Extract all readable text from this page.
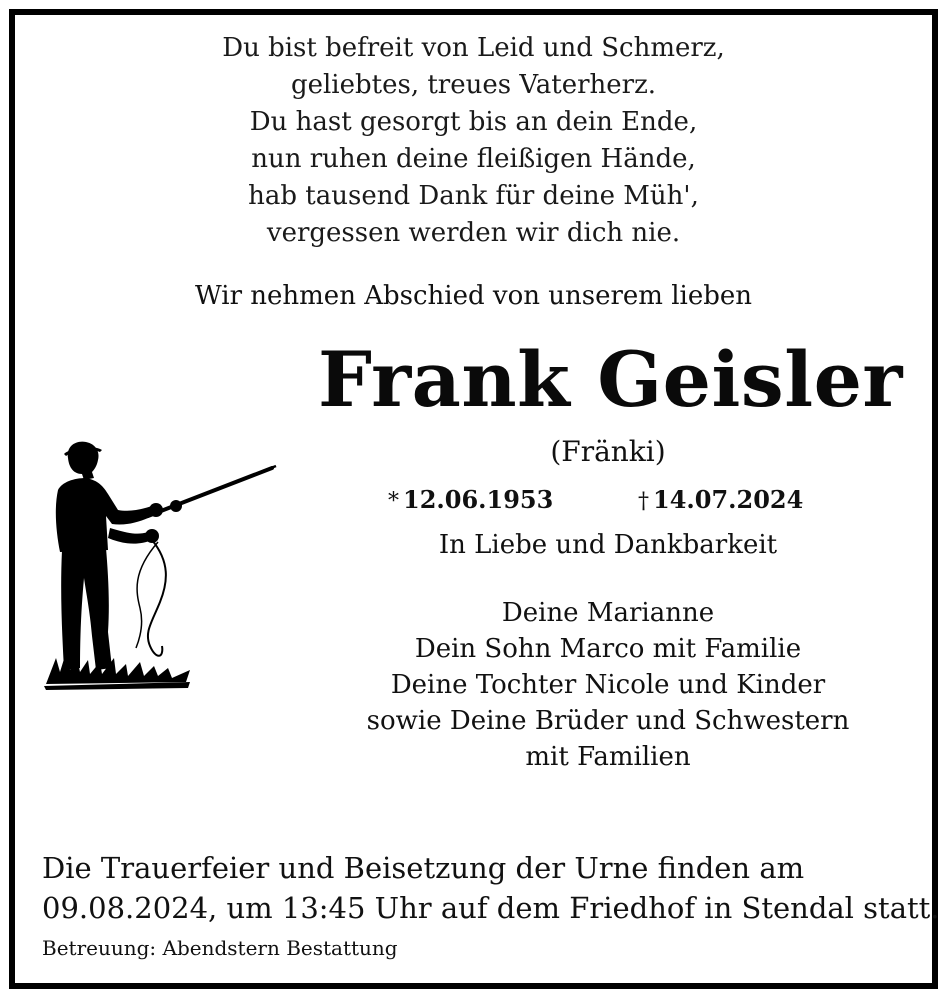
Du bist befreit von Leid und Schmerz,
geliebtes, treues Vaterherz.
Du hast gesorgt bis an dein Ende,
nun ruhen deine fleißigen Hände,
hab tausend Dank für deine Müh',
vergessen werden wir dich nie.
Wir nehmen Abschied von unserem lieben
Frank Geisler
(Fränki)
* 12.06.1953	† 14.07.2024
In Liebe und Dankbarkeit
Deine Marianne
Dein Sohn Marco mit Familie
Deine Tochter Nicole und Kinder
sowie Deine Brüder und Schwestern
mit Familien
Die Trauerfeier und Beisetzung der Urne finden am
09.08.2024, um 13:45 Uhr auf dem Friedhof in Stendal statt.
Betreuung: Abendstern Bestattung
